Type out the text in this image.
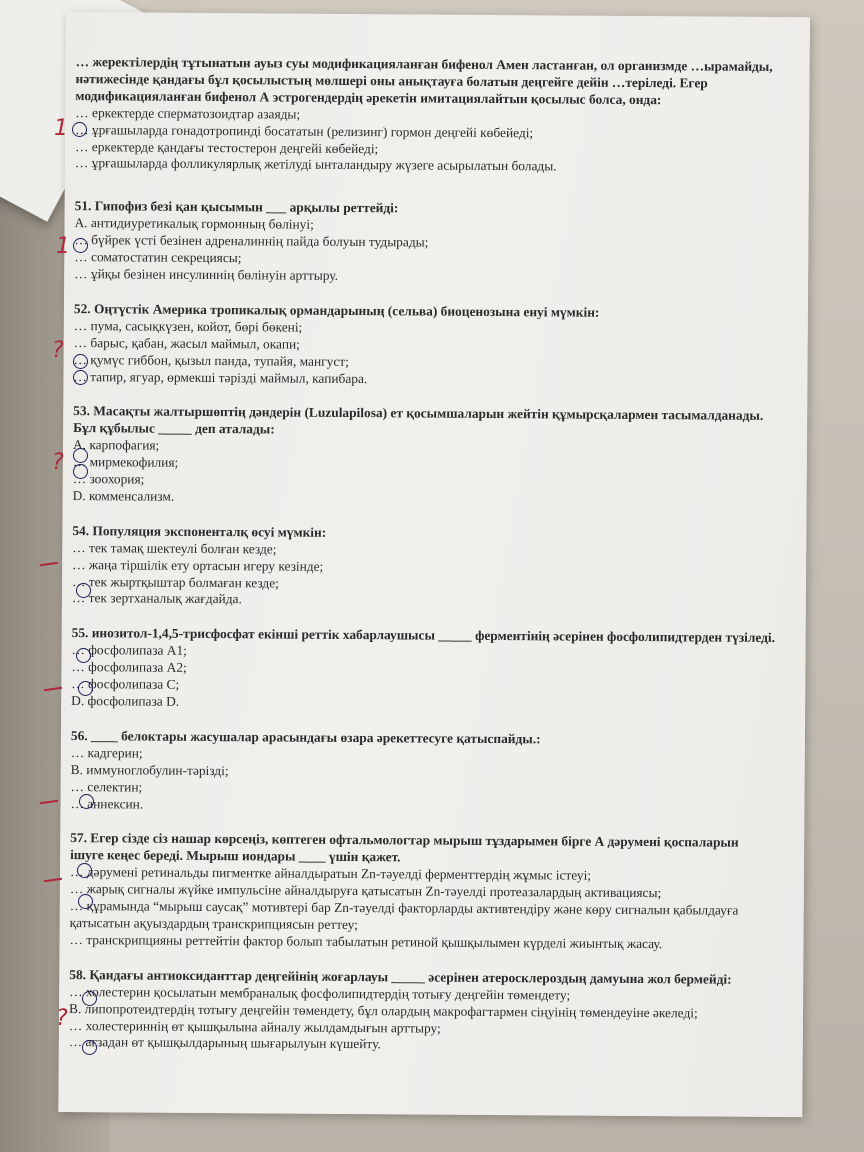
… жеректілердің тұтынатын ауыз суы модификацияланған бифенол Амен ластанған, ол организмде …ырамайды, нәтижесінде қандағы бұл қосылыстың мөлшері оны анықтауға болатын деңгейге дейін …теріледі. Егер модификацияланған бифенол А эстрогендердің әрекетін имитациялайтын қосылыс болса, онда:

… еркектерде сперматозоидтар азаяды;

… ұрғашыларда гонадотропинді босататын (релизинг) гормон деңгейі көбейеді;

… еркектерде қандағы тестостерон деңгейі көбейеді;

… ұрғашыларда фолликулярлық жетілуді ынталандыру жүзеге асырылатын болады.

51. Гипофиз безі қан қысымын ___ арқылы реттейді:

A. антидиуретикалық гормонның бөлінуі;

… бүйрек үсті безінен адреналиннің пайда болуын тудырады;

… соматостатин секрециясы;

… ұйқы безінен инсулиннің бөлінуін арттыру.

52. Оңтүстік Америка тропикалық ормандарының (сельва) биоценозына енуі мүмкін:

… пума, сасықкүзен, койот, бөрі бөкені;

… барыс, қабан, жасыл маймыл, окапи;

… қумүс гиббон, қызыл панда, тупайя, мангуст;

… тапир, ягуар, өрмекші тәрізді маймыл, капибара.

53. Масақты жалтыршөптің дәндерін (Luzulapilosa) ет қосымшаларын жейтін құмырсқалармен тасымалданады. Бұл құбылыс _____ деп аталады:

A. карпофагия;

… мирмекофилия;

… зоохория;

D. комменсализм.

54. Популяция экспоненталқ өсуі мүмкін:

… тек тамақ шектеулі болған кезде;

… жаңа тіршілік ету ортасын игеру кезінде;

… тек жыртқыштар болмаған кезде;

… тек зертханалық жағдайда.

55. инозитол-1,4,5-трисфосфат екінші реттік хабарлаушысы _____ ферментінің әсерінен фосфолипидтерден түзіледі.

… фосфолипаза А1;

… фосфолипаза А2;

… фосфолипаза С;

D. фосфолипаза D.

56. ____ белоктары жасушалар арасындағы өзара әрекеттесуге қатыспайды.:

… кадгерин;

B. иммуноглобулин-тәрізді;

… селектин;

… аннексин.

57. Егер сізде сіз нашар көрсеңіз, көптеген офтальмологтар мырыш тұздарымен бірге А дәрумені қоспаларын ішуге кеңес береді. Мырыш иондары ____ үшін қажет.

… дәрумені ретинальды пигментке айналдыратын Zn-тәуелді ферменттердің жұмыс істеуі;

… жарық сигналы жүйке импульсіне айналдыруға қатысатын Zn-тәуелді протеазалардың активациясы;

… құрамында “мырыш саусақ” мотивтері бар Zn-тәуелді факторларды активтендіру және көру сигналын қабылдауға қатысатын ақуыздардың транскрипциясын реттеу;

… транскрипцияны реттейтін фактор болып табылатын ретиной қышқылымен күрделі жиынтық жасау.

58. Қандағы антиоксиданттар деңгейінің жоғарлауы _____ әсерінен атеросклероздың дамуына жол бермейді:

… холестерин қосылатын мембраналық фосфолипидтердің тотығу деңгейін төмендету;

B. липопротеидтердің тотығу деңгейін төмендету, бұл олардың макрофагтармен сіңуінің төмендеуіне әкеледі;

… холестериннің өт қышқылына айналу жылдамдығын арттыру;

… ағзадан өт қышқылдарының шығарылуын күшейту.

1
1
?
?
?
